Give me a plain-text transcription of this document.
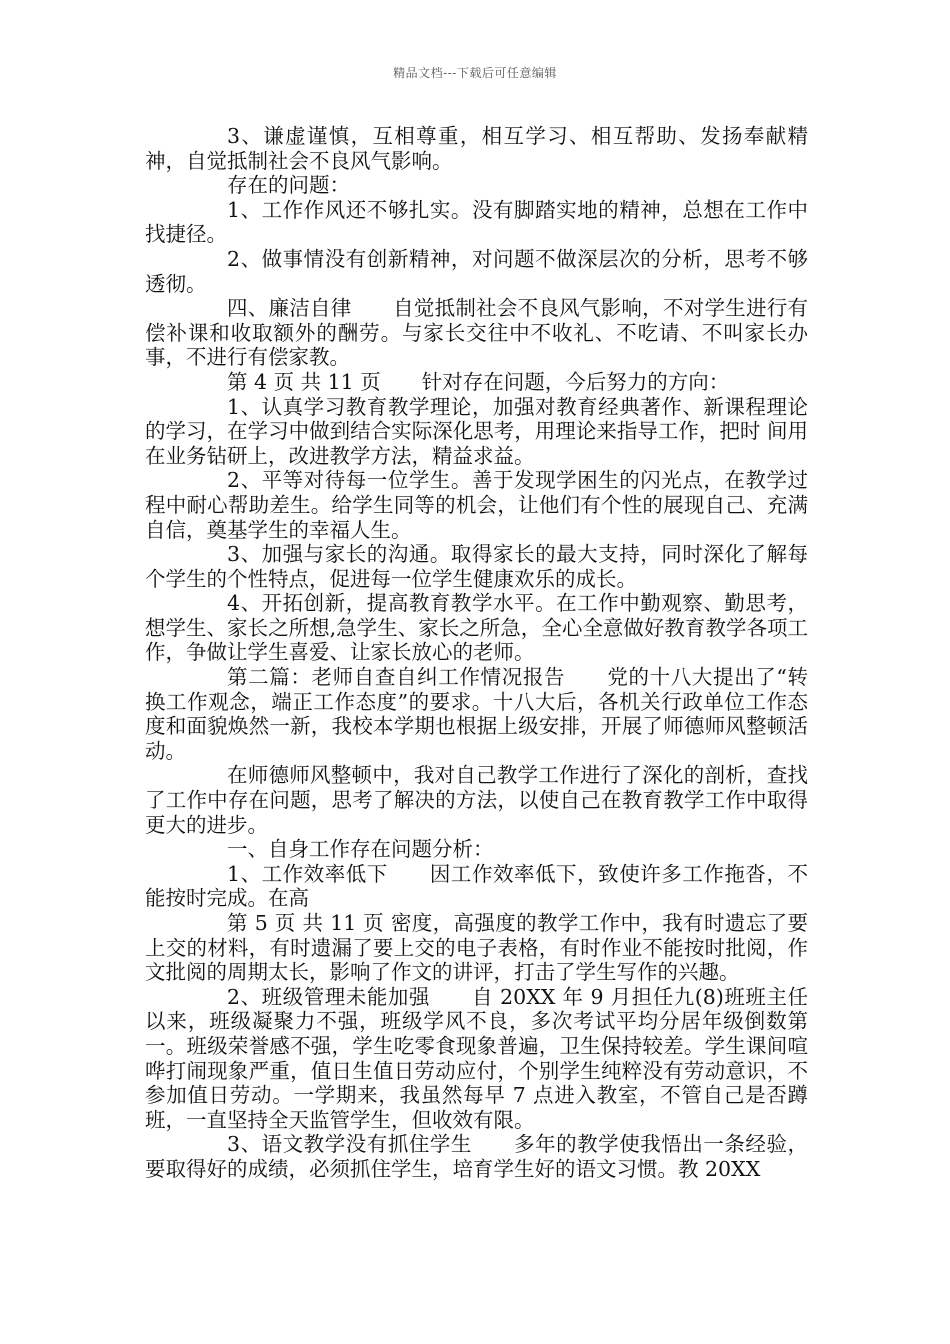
精品文档---下载后可任意编辑

3、谦虚谨慎，互相尊重，相互学习、相互帮助、发扬奉献精神，自觉抵制社会不良风气影响。

存在的问题：

1、工作作风还不够扎实。没有脚踏实地的精神，总想在工作中找捷径。

2、做事情没有创新精神，对问题不做深层次的分析，思考不够透彻。

四、廉洁自律　　自觉抵制社会不良风气影响，不对学生进行有偿补课和收取额外的酬劳。与家长交往中不收礼、不吃请、不叫家长办事，不进行有偿家教。

第 4 页 共 11 页　　针对存在问题，今后努力的方向：

1、认真学习教育教学理论，加强对教育经典著作、新课程理论的学习，在学习中做到结合实际深化思考，用理论来指导工作，把时 间用在业务钻研上，改进教学方法，精益求益。

2、平等对待每一位学生。善于发现学困生的闪光点，在教学过程中耐心帮助差生。给学生同等的机会，让他们有个性的展现自己、充满自信，奠基学生的幸福人生。

3、加强与家长的沟通。取得家长的最大支持，同时深化了解每个学生的个性特点，促进每一位学生健康欢乐的成长。

4、开拓创新，提高教育教学水平。在工作中勤观察、勤思考，想学生、家长之所想,急学生、家长之所急，全心全意做好教育教学各项工作，争做让学生喜爱、让家长放心的老师。

第二篇：老师自查自纠工作情况报告　　党的十八大提出了“转换工作观念，端正工作态度”的要求。十八大后，各机关行政单位工作态度和面貌焕然一新，我校本学期也根据上级安排，开展了师德师风整顿活动。

在师德师风整顿中，我对自己教学工作进行了深化的剖析，查找了工作中存在问题，思考了解决的方法，以使自己在教育教学工作中取得更大的进步。

一、自身工作存在问题分析：

1、工作效率低下　　因工作效率低下，致使许多工作拖沓，不能按时完成。在高

第 5 页 共 11 页 密度，高强度的教学工作中，我有时遗忘了要上交的材料，有时遗漏了要上交的电子表格，有时作业不能按时批阅，作文批阅的周期太长，影响了作文的讲评，打击了学生写作的兴趣。

2、班级管理未能加强　　自 20XX 年 9 月担任九(8)班班主任以来，班级凝聚力不强，班级学风不良，多次考试平均分居年级倒数第一。班级荣誉感不强，学生吃零食现象普遍，卫生保持较差。学生课间喧哗打闹现象严重，值日生值日劳动应付，个别学生纯粹没有劳动意识，不参加值日劳动。一学期来，我虽然每早 7 点进入教室，不管自己是否蹲班，一直坚持全天监管学生，但收效有限。

3、语文教学没有抓住学生　　多年的教学使我悟出一条经验，要取得好的成绩，必须抓住学生，培育学生好的语文习惯。教 20XX
